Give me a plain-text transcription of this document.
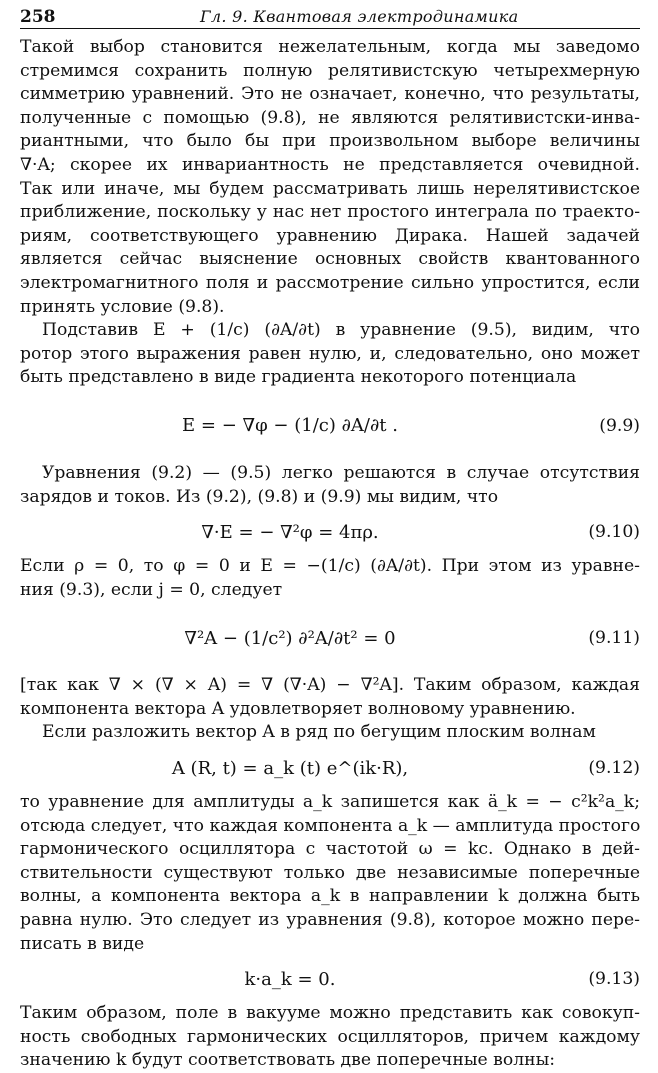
258	Гл. 9. Квантовая электродинамика
Такой выбор становится нежелательным, когда мы заведомо
стремимся сохранить полную релятивистскую четырехмерную
симметрию уравнений. Это не означает, конечно, что результаты,
полученные с помощью (9.8), не являются релятивистски-инва-
риантными, что было бы при произвольном выборе величины
∇·A; скорее их инвариантность не представляется очевидной.
Так или иначе, мы будем рассматривать лишь нерелятивистское
приближение, поскольку у нас нет простого интеграла по траекто-
риям, соответствующего уравнению Дирака. Нашей задачей
является сейчас выяснение основных свойств квантованного
электромагнитного поля и рассмотрение сильно упростится, если
принять условие (9.8).
Подставив E + (1/c) (∂A/∂t) в уравнение (9.5), видим, что
ротор этого выражения равен нулю, и, следовательно, оно может
быть представлено в виде градиента некоторого потенциала
E = − ∇φ − (1/c) ∂A/∂t .	(9.9)
Уравнения (9.2) — (9.5) легко решаются в случае отсутствия
зарядов и токов. Из (9.2), (9.8) и (9.9) мы видим, что
∇·E = − ∇²φ = 4πρ.	(9.10)
Если ρ = 0, то φ = 0 и E = −(1/c) (∂A/∂t). При этом из уравне-
ния (9.3), если j = 0, следует
∇²A − (1/c²) ∂²A/∂t² = 0	(9.11)
[так как ∇ × (∇ × A) = ∇ (∇·A) − ∇²A]. Таким образом, каждая
компонента вектора A удовлетворяет волновому уравнению.
Если разложить вектор A в ряд по бегущим плоским волнам
A (R, t) = a_k (t) e^(ik·R),	(9.12)
то уравнение для амплитуды a_k запишется как ä_k = − c²k²a_k;
отсюда следует, что каждая компонента a_k — амплитуда простого
гармонического осциллятора с частотой ω = kc. Однако в дей-
ствительности существуют только две независимые поперечные
волны, а компонента вектора a_k в направлении k должна быть
равна нулю. Это следует из уравнения (9.8), которое можно пере-
писать в виде
k·a_k = 0.	(9.13)
Таким образом, поле в вакууме можно представить как совокуп-
ность свободных гармонических осцилляторов, причем каждому
значению k будут соответствовать две поперечные волны:
